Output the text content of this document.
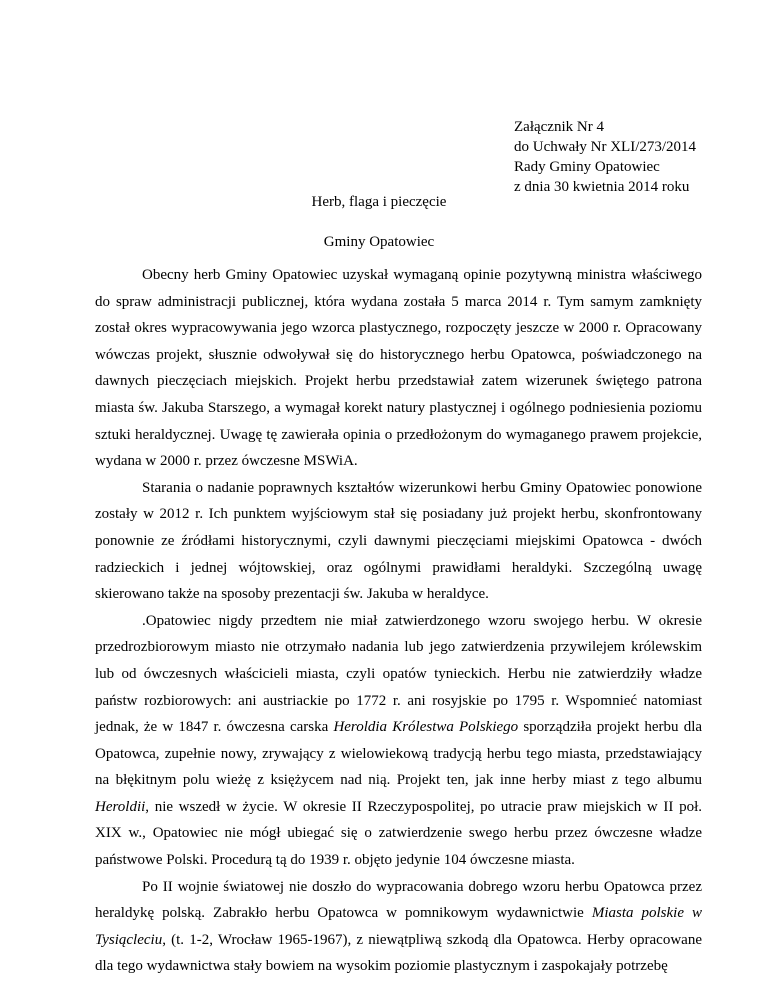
Załącznik Nr 4
do Uchwały Nr XLI/273/2014
Rady Gminy Opatowiec
z dnia 30 kwietnia 2014 roku
Herb, flaga i pieczęcie
Gminy Opatowiec

Obecny herb Gminy Opatowiec uzyskał wymaganą opinie pozytywną ministra właściwego do spraw administracji publicznej, która wydana została 5 marca 2014 r. Tym samym zamknięty został okres wypracowywania jego wzorca plastycznego, rozpoczęty jeszcze w 2000 r. Opracowany wówczas projekt, słusznie odwoływał się do historycznego herbu Opatowca, poświadczonego na dawnych pieczęciach miejskich. Projekt herbu przedstawiał zatem wizerunek świętego patrona miasta św. Jakuba Starszego, a wymagał korekt natury plastycznej i ogólnego podniesienia poziomu sztuki heraldycznej. Uwagę tę zawierała opinia o przedłożonym do wymaganego prawem projekcie, wydana w 2000 r. przez ówczesne MSWiA.

Starania o nadanie poprawnych kształtów wizerunkowi herbu Gminy Opatowiec ponowione zostały w 2012 r. Ich punktem wyjściowym stał się posiadany już projekt herbu, skonfrontowany ponownie ze źródłami historycznymi, czyli dawnymi pieczęciami miejskimi Opatowca - dwóch radzieckich i jednej wójtowskiej, oraz ogólnymi prawidłami heraldyki. Szczególną uwagę skierowano także na sposoby prezentacji św. Jakuba w heraldyce.

.Opatowiec nigdy przedtem nie miał zatwierdzonego wzoru swojego herbu. W okresie przedrozbiorowym miasto nie otrzymało nadania lub jego zatwierdzenia przywilejem królewskim lub od ówczesnych właścicieli miasta, czyli opatów tynieckich. Herbu nie zatwierdziły władze państw rozbiorowych: ani austriackie po 1772 r. ani rosyjskie po 1795 r. Wspomnieć natomiast jednak, że w 1847 r. ówczesna carska Heroldia Królestwa Polskiego sporządziła projekt herbu dla Opatowca, zupełnie nowy, zrywający z wielowiekową tradycją herbu tego miasta, przedstawiający na błękitnym polu wieżę z księżycem nad nią. Projekt ten, jak inne herby miast z tego albumu Heroldii, nie wszedł w życie. W okresie II Rzeczypospolitej, po utracie praw miejskich w II poł. XIX w., Opatowiec nie mógł ubiegać się o zatwierdzenie swego herbu przez ówczesne władze państwowe Polski. Procedurą tą do 1939 r. objęto jedynie 104 ówczesne miasta.

Po II wojnie światowej nie doszło do wypracowania dobrego wzoru herbu Opatowca przez heraldykę polską. Zabrakło herbu Opatowca w pomnikowym wydawnictwie Miasta polskie w Tysiącleciu, (t. 1-2, Wrocław 1965-1967), z niewątpliwą szkodą dla Opatowca. Herby opracowane dla tego wydawnictwa stały bowiem na wysokim poziomie plastycznym i zaspokajały potrzebę
